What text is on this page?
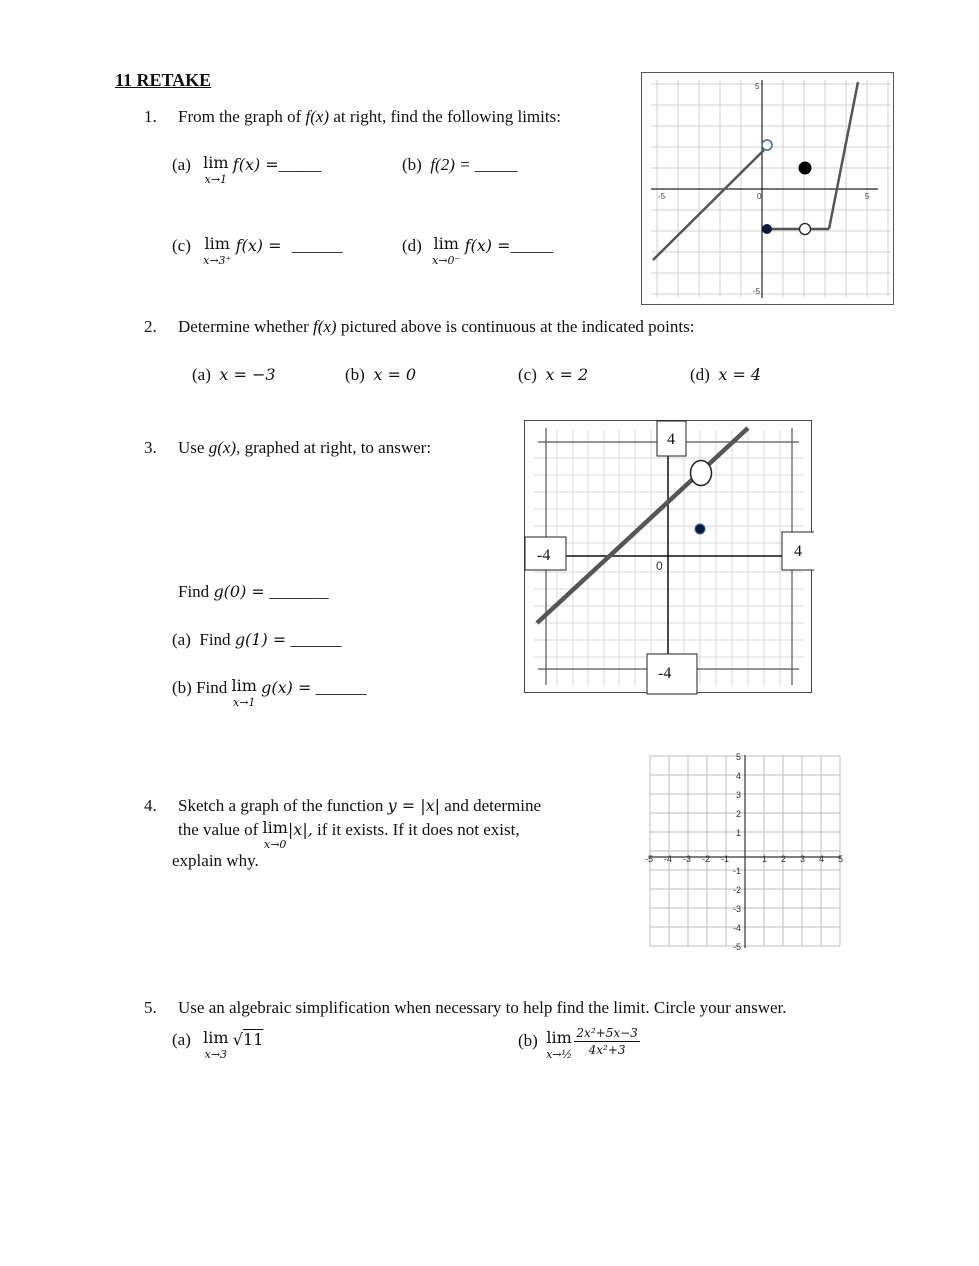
11 RETAKE
1. From the graph of f(x) at right, find the following limits:
(a) lim
x→1
f(x) =_____	(b) f(2) = _____
(c) lim
x→3⁺
f(x) = ______	(d) lim
x→0⁻
f(x) =_____
-5	5
0
5
-5
2. Determine whether f(x) pictured above is continuous at the indicated points:
(a) x = −3	(b) x = 0	(c) x = 2	(d) x = 4
3. Use g(x), graphed at right, to answer:
Find g(0) = _______
(a) Find g(1) = ______
(b) Find lim
x→1
g(x) = ______
0
4
-4	4
-4
4. Sketch a graph of the function y = |x| and determine
the value of lim
x→0
|x|, if it exists. If it does not exist,
explain why.	-5 -4 -3 -2 -1	1 2 3 4 5
5
4
3
2
1
-1
-2
-3
-4
-5
5. Use an algebraic simplification when necessary to help find the limit. Circle your answer.
(a) lim
x→3
√11	(b) lim
x→½
$\frac{\text{2x²+5x−3}}{\text{4x²+3}}$
